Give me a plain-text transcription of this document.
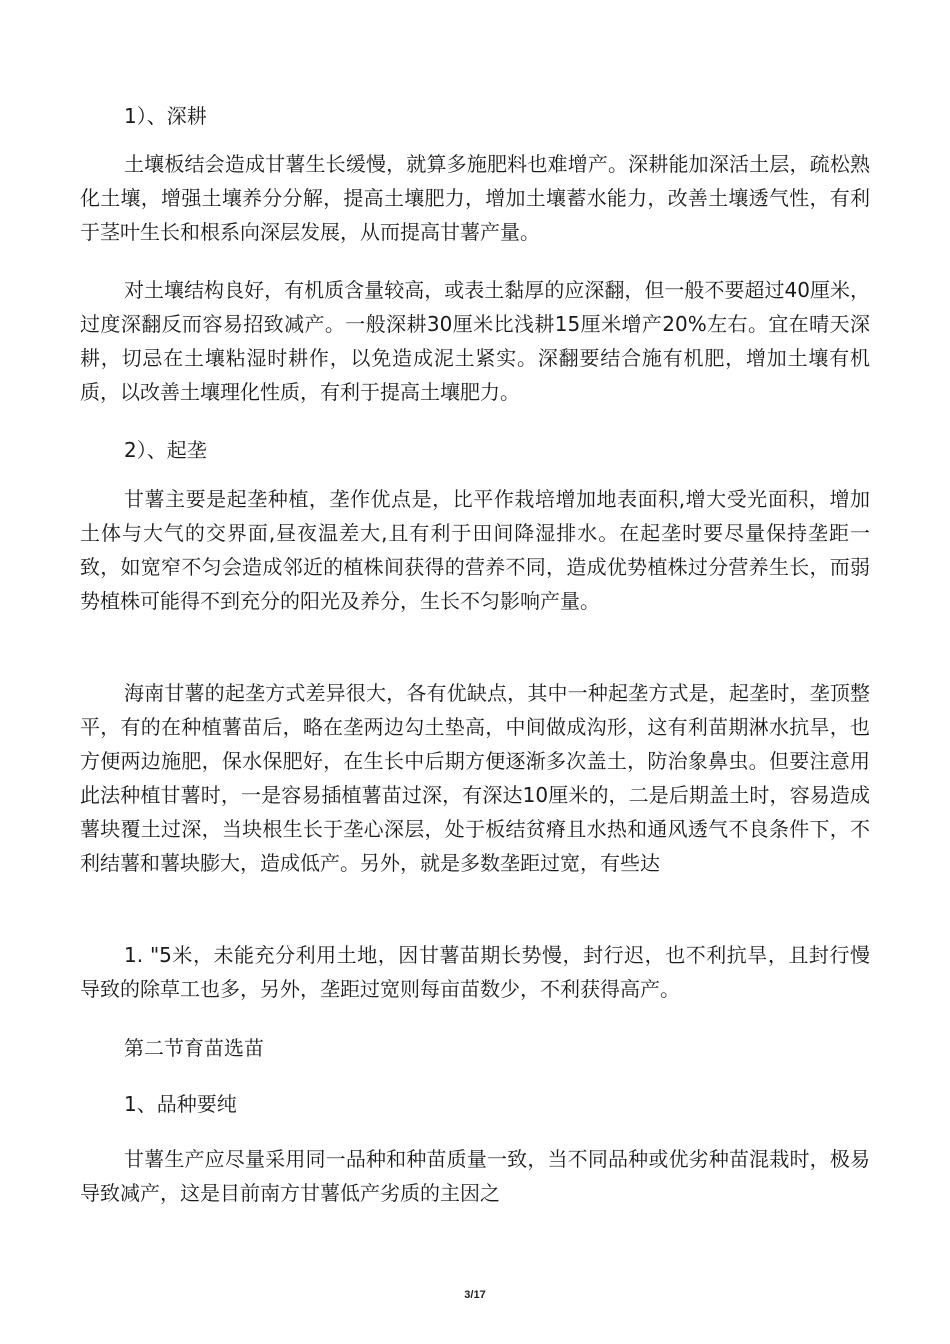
1）、深耕

土壤板结会造成甘薯生长缓慢，就算多施肥料也难增产。深耕能加深活土层，疏松熟化土壤，增强土壤养分分解，提高土壤肥力，增加土壤蓄水能力，改善土壤透气性，有利于茎叶生长和根系向深层发展，从而提高甘薯产量。

对土壤结构良好，有机质含量较高，或表土黏厚的应深翻，但一般不要超过40厘米，过度深翻反而容易招致减产。一般深耕30厘米比浅耕15厘米增产20%左右。宜在晴天深耕，切忌在土壤粘湿时耕作，以免造成泥土紧实。深翻要结合施有机肥，增加土壤有机质，以改善土壤理化性质，有利于提高土壤肥力。

2）、起垄

甘薯主要是起垄种植，垄作优点是，比平作栽培增加地表面积,增大受光面积，增加土体与大气的交界面,昼夜温差大,且有利于田间降湿排水。在起垄时要尽量保持垄距一致，如宽窄不匀会造成邻近的植株间获得的营养不同，造成优势植株过分营养生长，而弱势植株可能得不到充分的阳光及养分，生长不匀影响产量。

海南甘薯的起垄方式差异很大，各有优缺点，其中一种起垄方式是，起垄时，垄顶整平，有的在种植薯苗后，略在垄两边勾土垫高，中间做成沟形，这有利苗期淋水抗旱，也方便两边施肥，保水保肥好，在生长中后期方便逐渐多次盖土，防治象鼻虫。但要注意用此法种植甘薯时，一是容易插植薯苗过深，有深达10厘米的，二是后期盖土时，容易造成薯块覆土过深，当块根生长于垄心深层，处于板结贫瘠且水热和通风透气不良条件下，不利结薯和薯块膨大，造成低产。另外，就是多数垄距过宽，有些达

1. "5米，未能充分利用土地，因甘薯苗期长势慢，封行迟，也不利抗旱，且封行慢导致的除草工也多，另外，垄距过宽则每亩苗数少，不利获得高产。

第二节育苗选苗

1、品种要纯

甘薯生产应尽量采用同一品种和种苗质量一致，当不同品种或优劣种苗混栽时，极易导致减产，这是目前南方甘薯低产劣质的主因之

3/17
